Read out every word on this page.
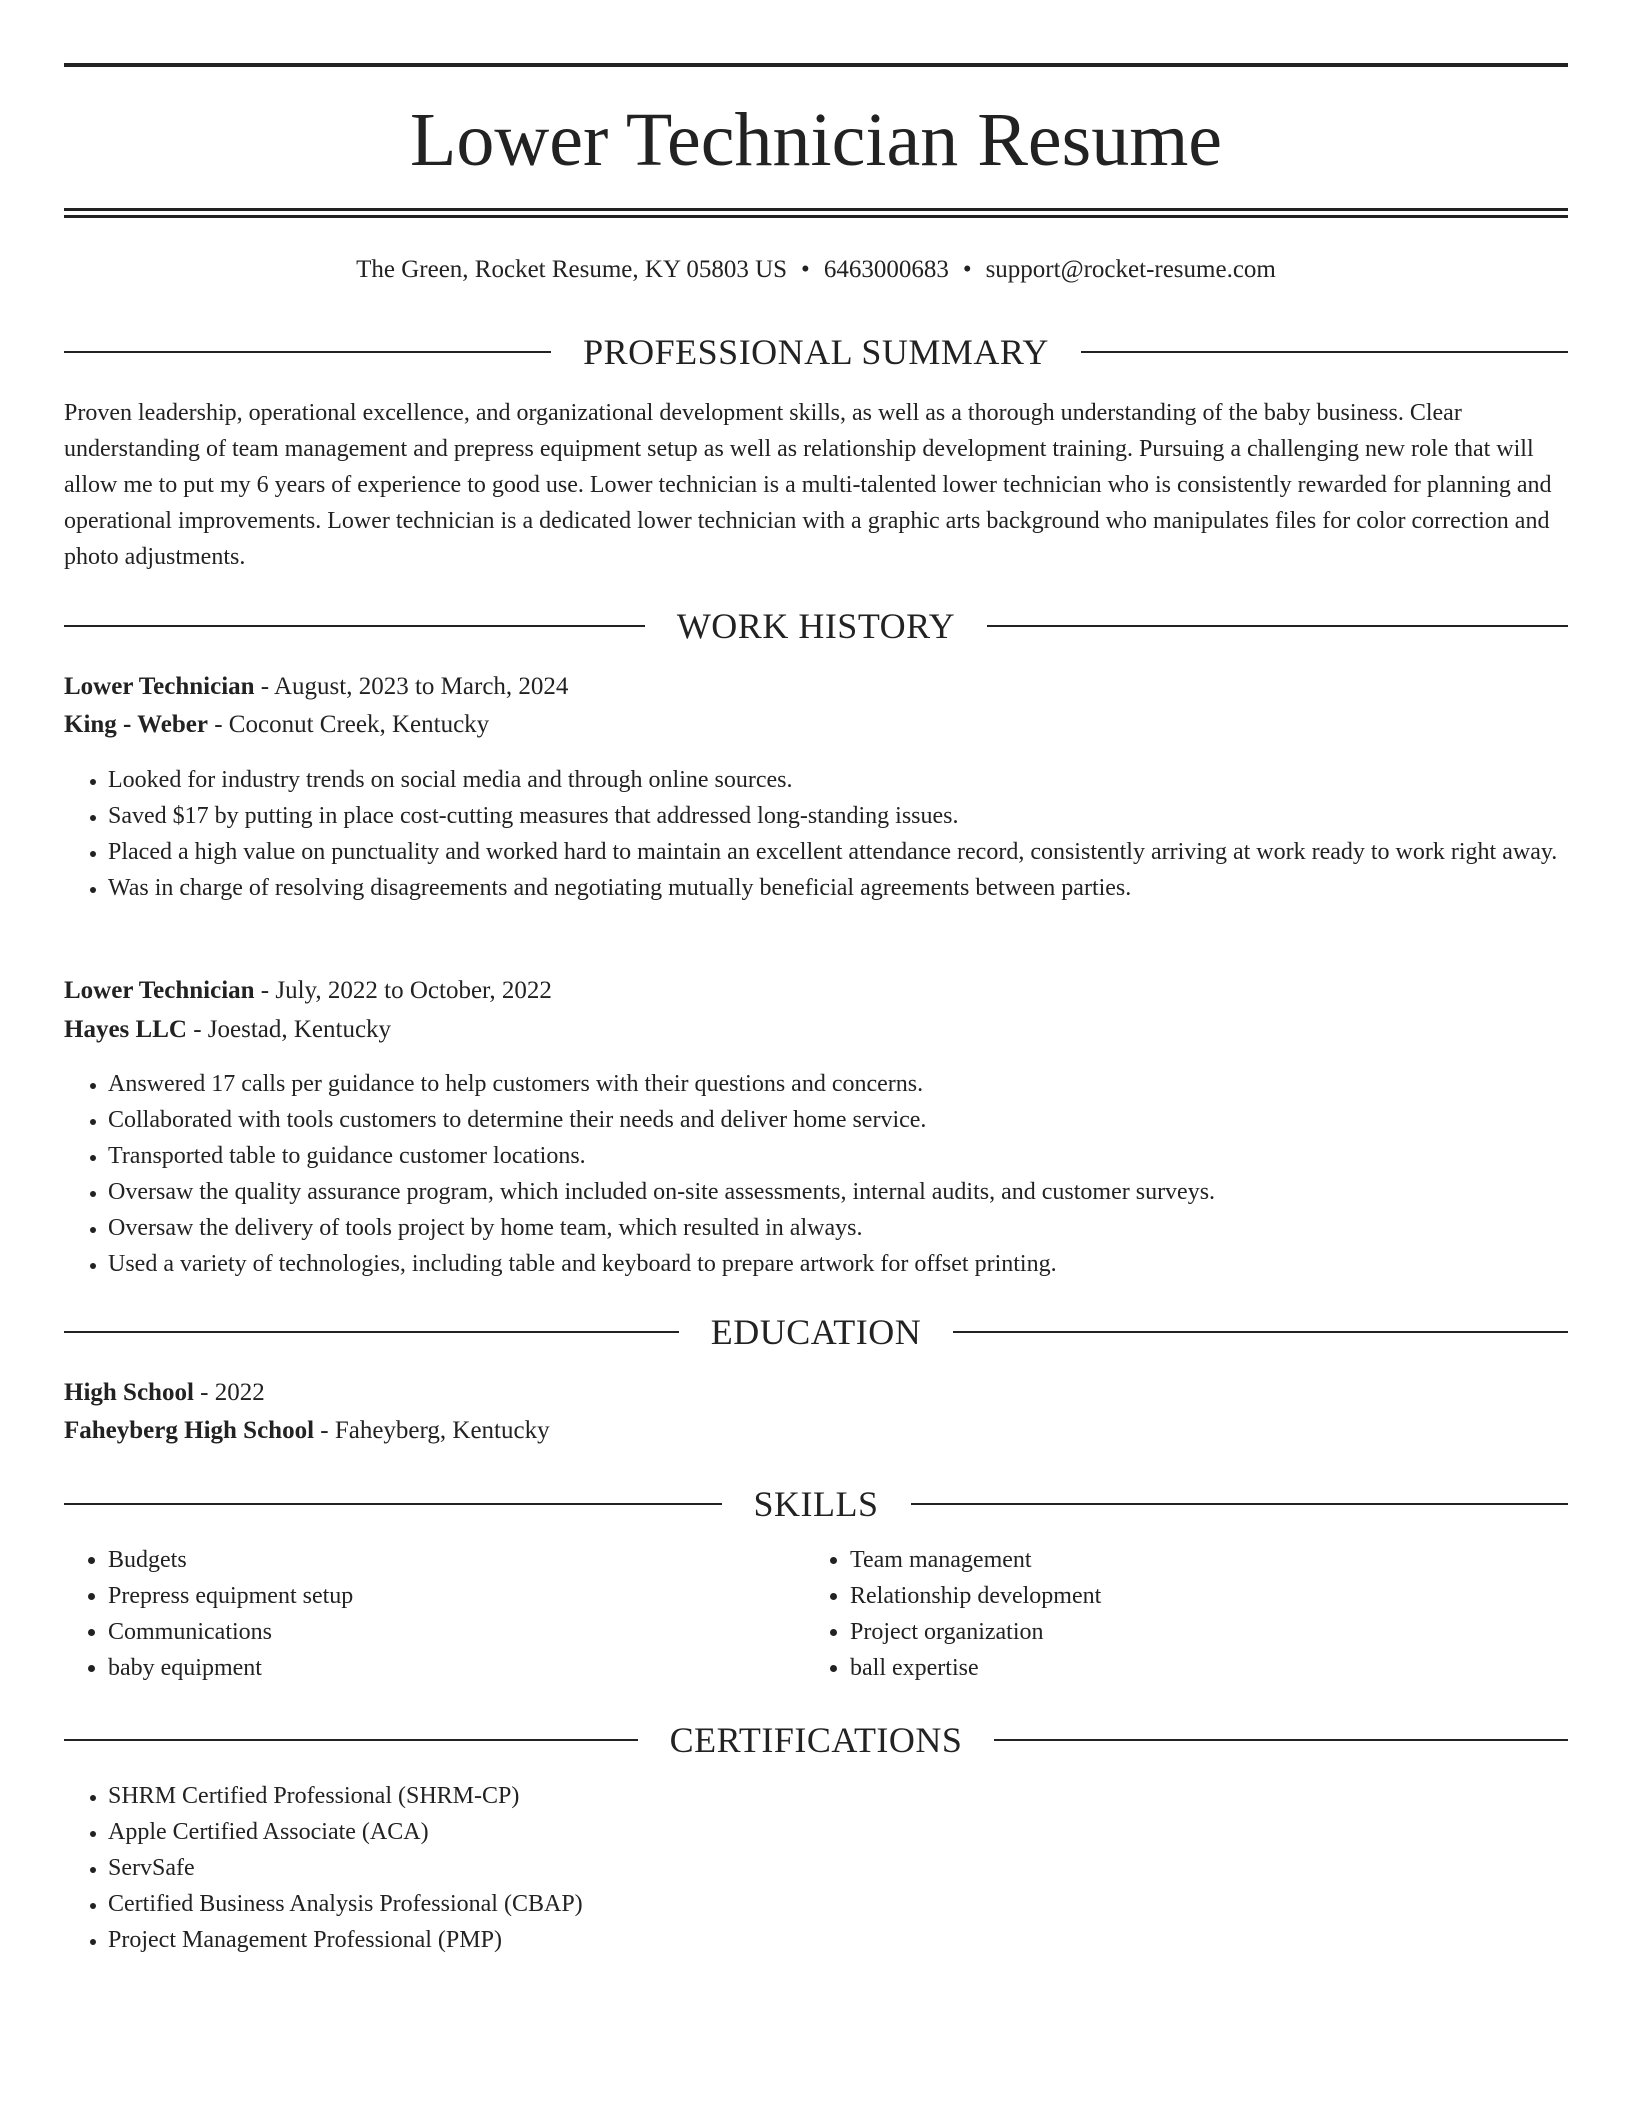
Lower Technician Resume
The Green, Rocket Resume, KY 05803 US • 6463000683 • support@rocket-resume.com
PROFESSIONAL SUMMARY

Proven leadership, operational excellence, and organizational development skills, as well as a thorough understanding of the baby business. Clear understanding of team management and prepress equipment setup as well as relationship development training. Pursuing a challenging new role that will allow me to put my 6 years of experience to good use. Lower technician is a multi-talented lower technician who is consistently rewarded for planning and operational improvements. Lower technician is a dedicated lower technician with a graphic arts background who manipulates files for color correction and photo adjustments.

WORK HISTORY
Lower Technician - August, 2023 to March, 2024
King - Weber - Coconut Creek, Kentucky
• Looked for industry trends on social media and through online sources.
• Saved $17 by putting in place cost-cutting measures that addressed long-standing issues.
• Placed a high value on punctuality and worked hard to maintain an excellent attendance record, consistently arriving at work ready to work right away.
• Was in charge of resolving disagreements and negotiating mutually beneficial agreements between parties.
Lower Technician - July, 2022 to October, 2022
Hayes LLC - Joestad, Kentucky
• Answered 17 calls per guidance to help customers with their questions and concerns.
• Collaborated with tools customers to determine their needs and deliver home service.
• Transported table to guidance customer locations.
• Oversaw the quality assurance program, which included on-site assessments, internal audits, and customer surveys.
• Oversaw the delivery of tools project by home team, which resulted in always.
• Used a variety of technologies, including table and keyboard to prepare artwork for offset printing.
EDUCATION
High School - 2022
Faheyberg High School - Faheyberg, Kentucky
SKILLS
• Budgets
• Prepress equipment setup
• Communications
• baby equipment
• Team management
• Relationship development
• Project organization
• ball expertise
CERTIFICATIONS
• SHRM Certified Professional (SHRM-CP)
• Apple Certified Associate (ACA)
• ServSafe
• Certified Business Analysis Professional (CBAP)
• Project Management Professional (PMP)
